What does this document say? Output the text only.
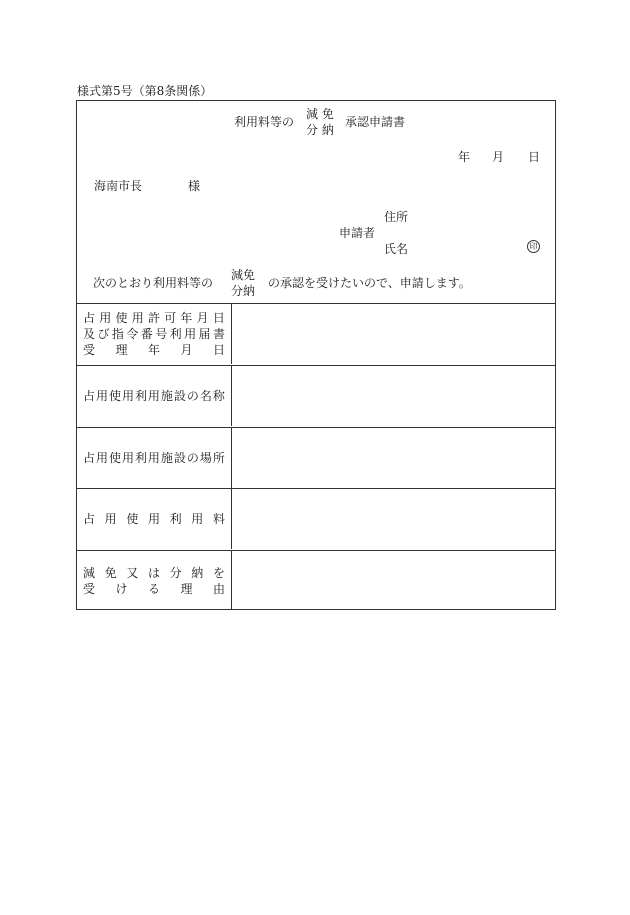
様式第5号（第8条関係）
利用料等の
減 免
分 納
承認申請書
年 月 日
海南市長	様
住所
申請者
氏名	印
次のとおり利用料等の
減免
分納
の承認を受けたいので、申請します。
占 用 使 用 許 可 年 月 日
及 び 指 令 番 号 利 用 届 書
受 理 年 月 日
占 用 使 用 利 用 施 設 の 名 称
占 用 使 用 利 用 施 設 の 場 所
占 用 使 用 利 用 料
減 免 又 は 分 納 を
受 け る 理 由
